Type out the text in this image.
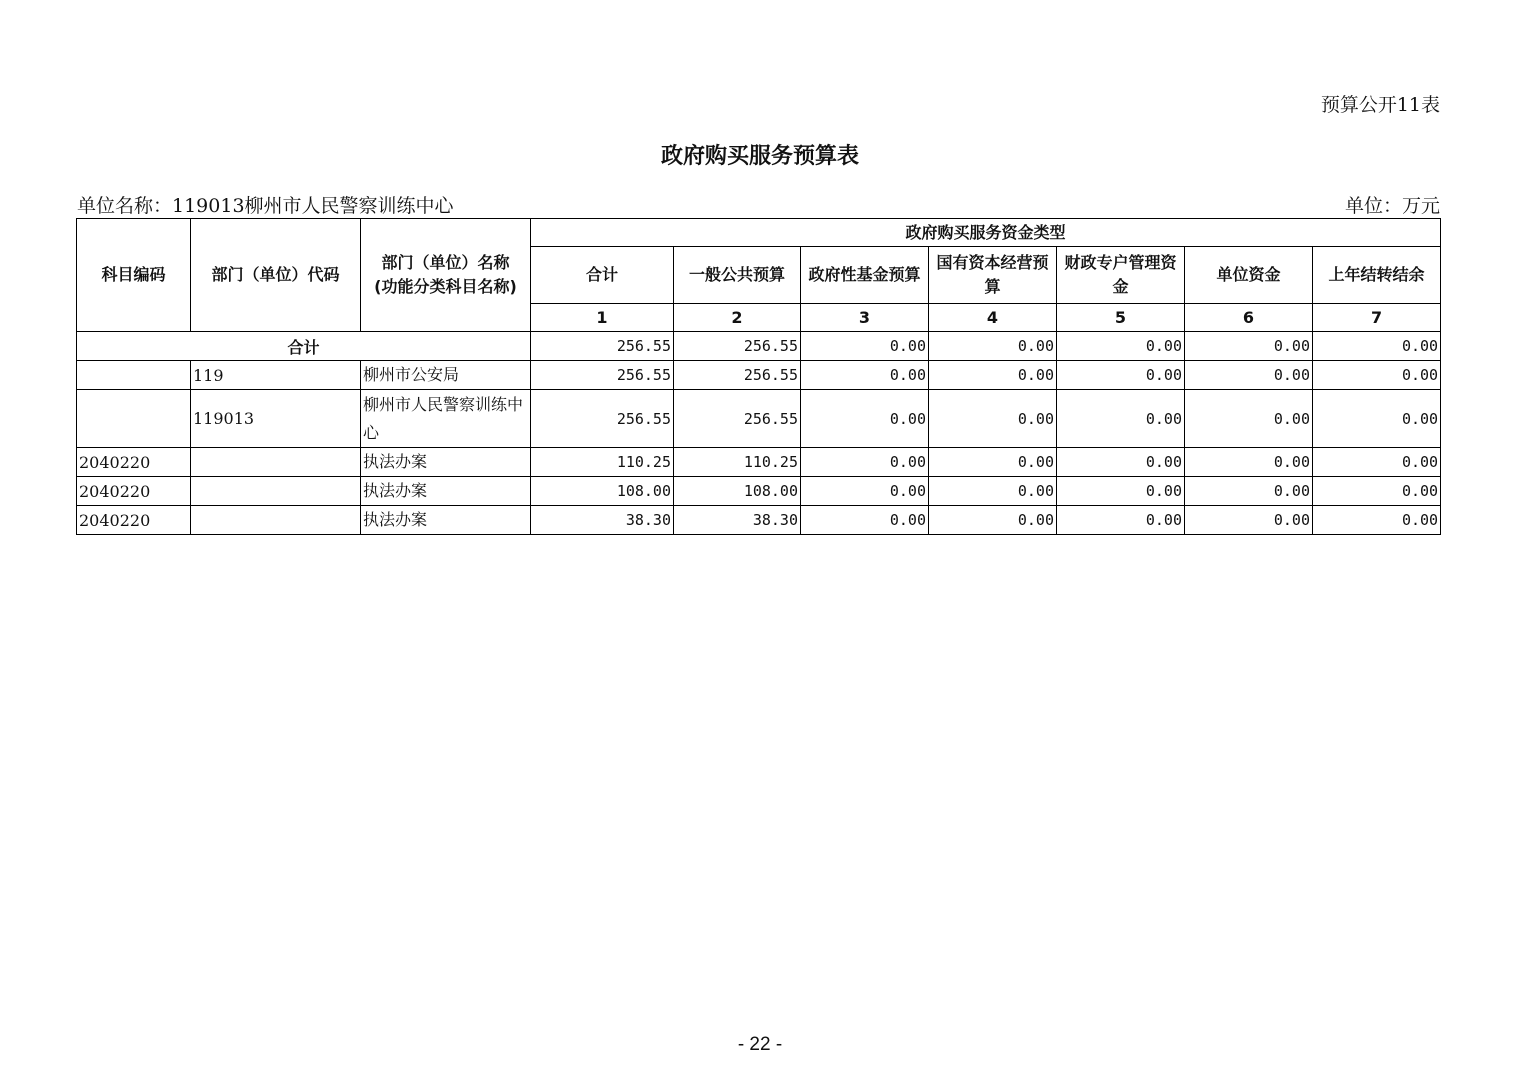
预算公开11表
政府购买服务预算表
单位名称：119013柳州市人民警察训练中心	单位：万元
科目编码	部门（单位）代码	部门（单位）名称
(功能分类科目名称)	政府购买服务资金类型						
			合计	一般公共预算	政府性基金预算	国有资本经营预算	财政专户管理资金	单位资金	上年结转结余
			1	2	3	4	5	6	7
合计			256.55	256.55	0.00	0.00	0.00	0.00	0.00
	119	柳州市公安局	256.55	256.55	0.00	0.00	0.00	0.00	0.00
	119013	柳州市人民警察训练中心	256.55	256.55	0.00	0.00	0.00	0.00	0.00
2040220		执法办案	110.25	110.25	0.00	0.00	0.00	0.00	0.00
2040220		执法办案	108.00	108.00	0.00	0.00	0.00	0.00	0.00
2040220		执法办案	38.30	38.30	0.00	0.00	0.00	0.00	0.00
- 22 -
